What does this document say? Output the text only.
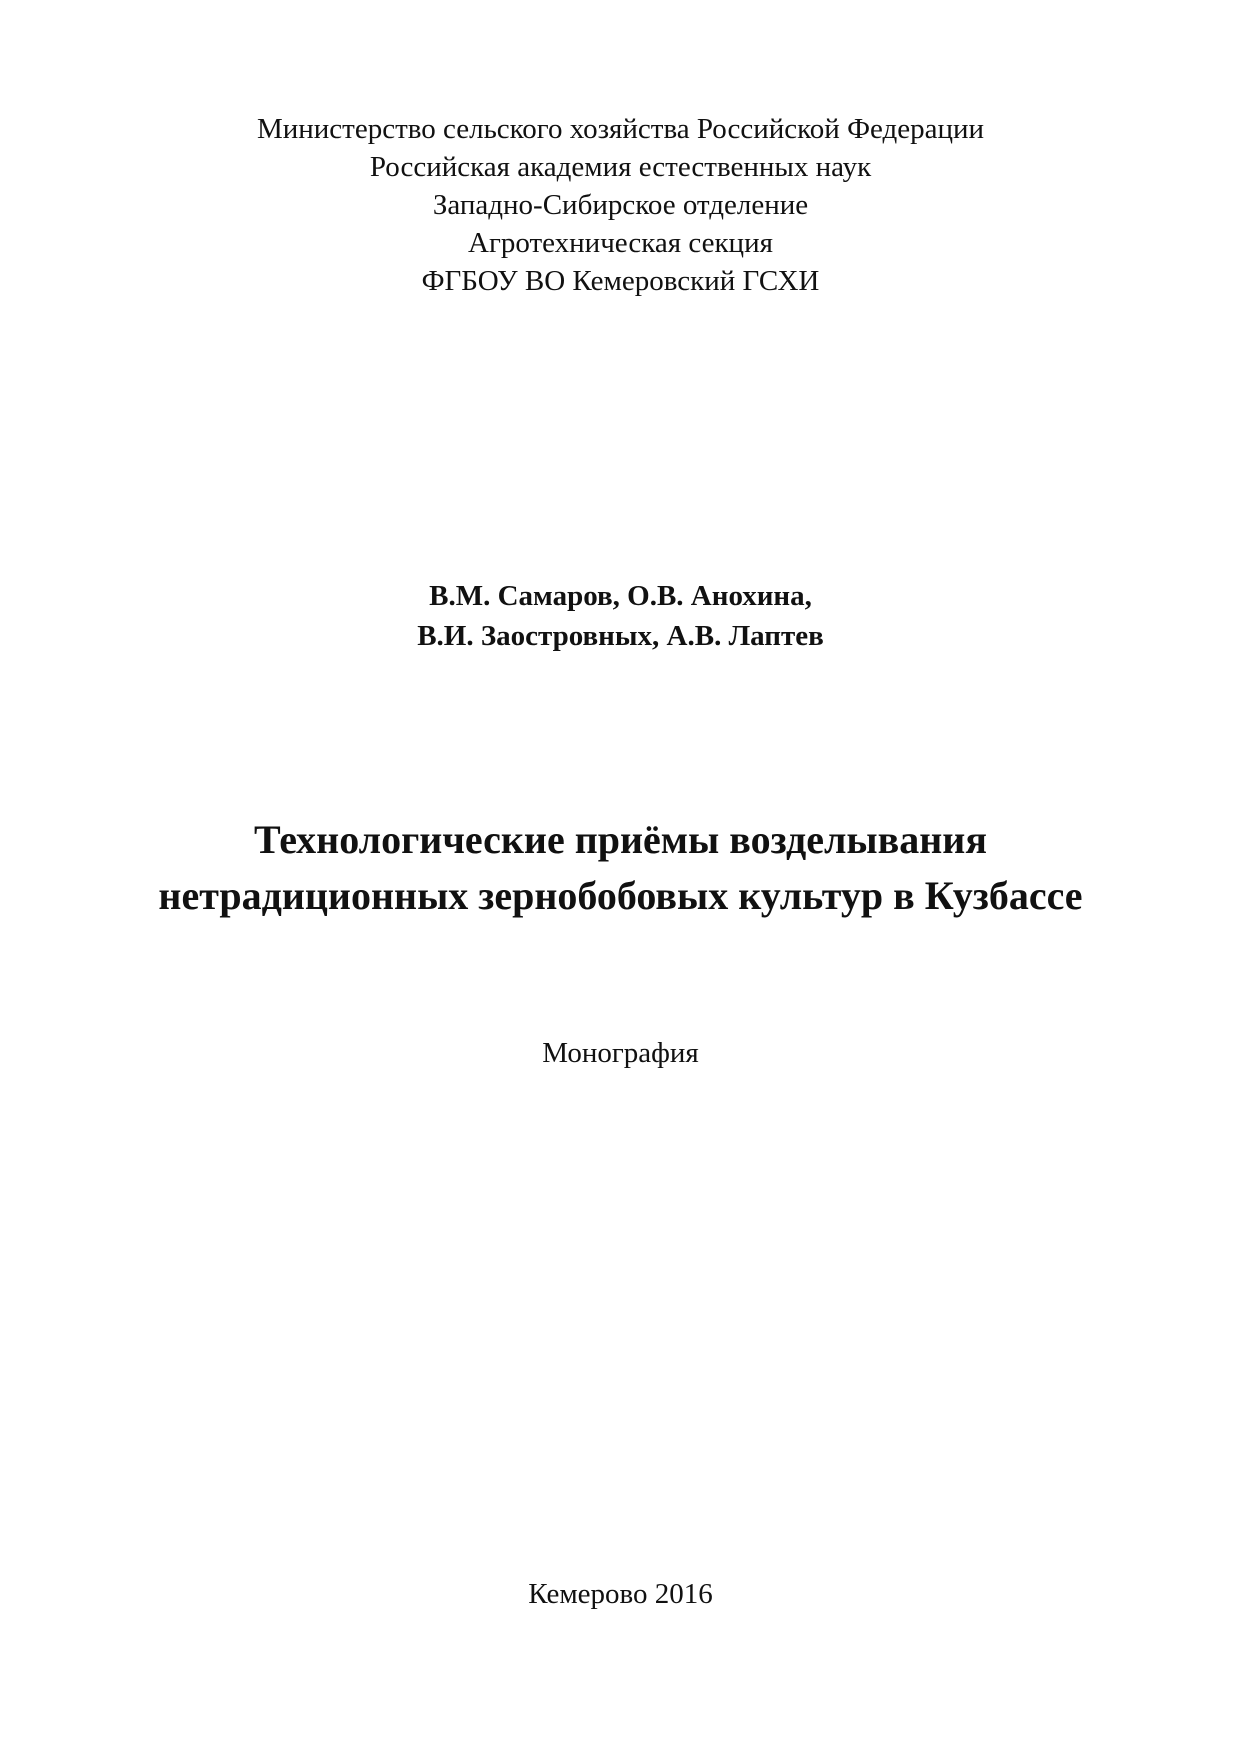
Министерство сельского хозяйства Российской Федерации
Российская академия естественных наук
Западно-Сибирское отделение
Агротехническая секция
ФГБОУ ВО Кемеровский ГСХИ
В.М. Самаров, О.В. Анохина,
В.И. Заостровных, А.В. Лаптев
Технологические приёмы возделывания
нетрадиционных зернобобовых культур в Кузбассе
Монография
Кемерово 2016
